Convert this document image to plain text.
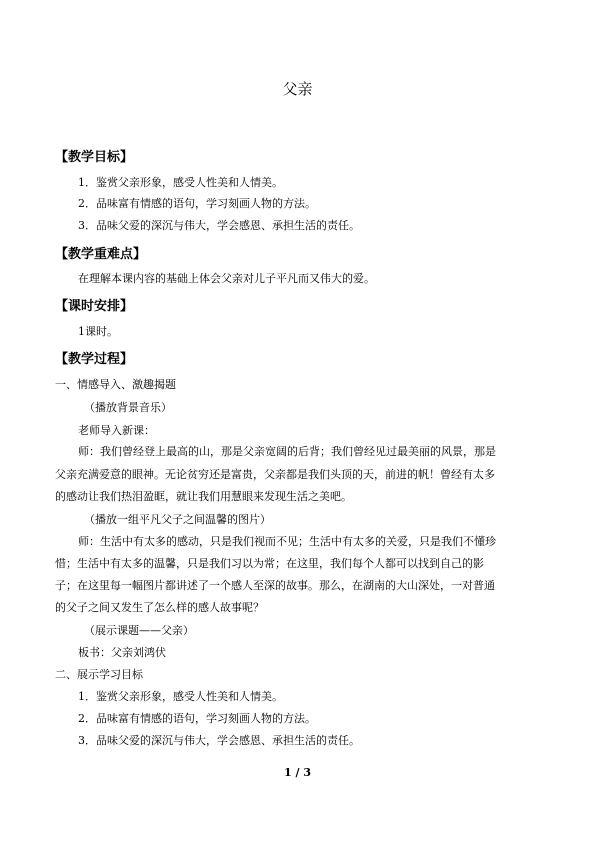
父亲
【教学目标】
1．鉴赏父亲形象，感受人性美和人情美。
2．品味富有情感的语句，学习刻画人物的方法。
3．品味父爱的深沉与伟大，学会感恩、承担生活的责任。
【教学重难点】
在理解本课内容的基础上体会父亲对儿子平凡而又伟大的爱。
【课时安排】
1课时。
【教学过程】
一、情感导入、激趣揭题
（播放背景音乐）
老师导入新课：
师：我们曾经登上最高的山，那是父亲宽阔的后背；我们曾经见过最美丽的风景，那是
父亲充满爱意的眼神。无论贫穷还是富贵，父亲都是我们头顶的天，前进的帆！曾经有太多
的感动让我们热泪盈眶，就让我们用慧眼来发现生活之美吧。
（播放一组平凡父子之间温馨的图片）
师：生活中有太多的感动，只是我们视而不见；生活中有太多的关爱，只是我们不懂珍
惜；生活中有太多的温馨，只是我们习以为常；在这里，我们每个人都可以找到自己的影
子；在这里每一幅图片都讲述了一个感人至深的故事。那么，在湖南的大山深处，一对普通
的父子之间又发生了怎么样的感人故事呢？
（展示课题——父亲）
板书：父亲刘鸿伏
二、展示学习目标
1．鉴赏父亲形象，感受人性美和人情美。
2．品味富有情感的语句，学习刻画人物的方法。
3．品味父爱的深沉与伟大，学会感恩、承担生活的责任。
1 / 3
